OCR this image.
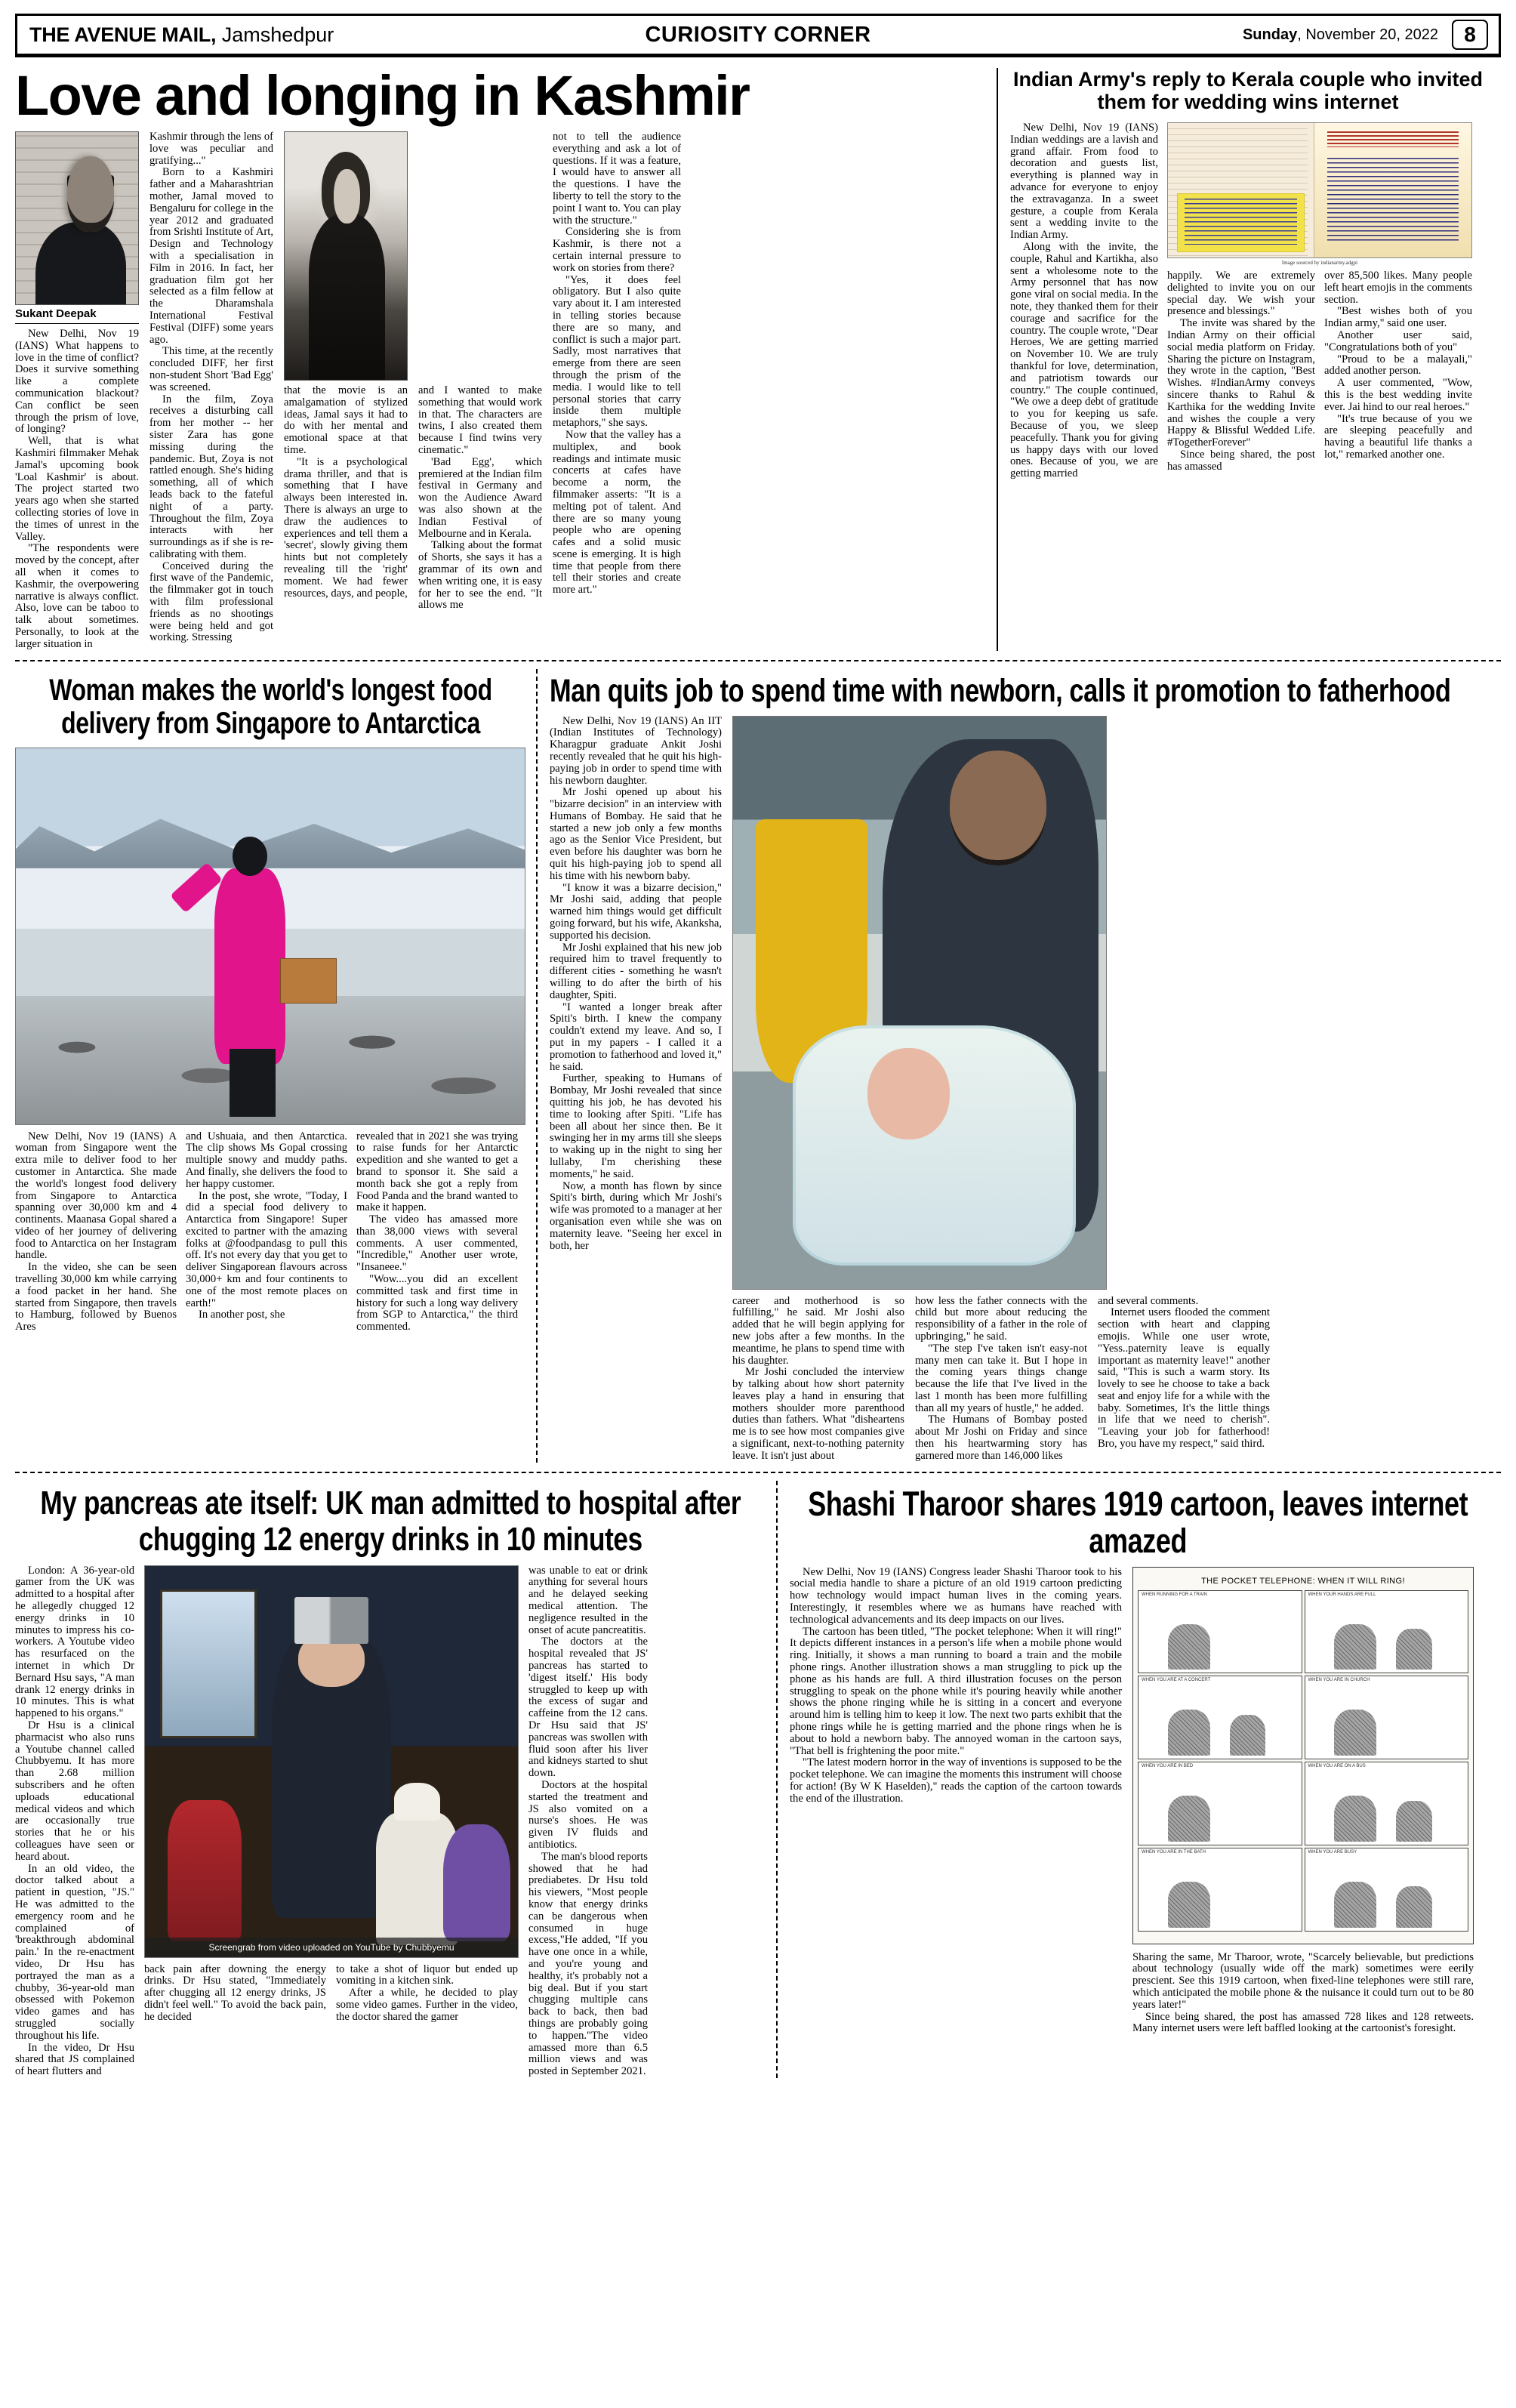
THE AVENUE MAIL, Jamshedpur	CURIOSITY CORNER	Sunday, November 20, 2022	8
Love and longing in Kashmir
Sukant Deepak

New Delhi, Nov 19 (IANS) What happens to love in the time of conflict? Does it survive something like a complete communication blackout? Can conflict be seen through the prism of love, of longing?

Well, that is what Kashmiri filmmaker Mehak Jamal's upcoming book 'Loal Kashmir' is about. The project started two years ago when she started collecting stories of love in the times of unrest in the Valley.

"The respondents were moved by the concept, after all when it comes to Kashmir, the overpowering narrative is always conflict. Also, love can be taboo to talk about sometimes. Personally, to look at the larger situation in

Kashmir through the lens of love was peculiar and gratifying..."

Born to a Kashmiri father and a Maharashtrian mother, Jamal moved to Bengaluru for college in the year 2012 and graduated from Srishti Institute of Art, Design and Technology with a specialisation in Film in 2016. In fact, her graduation film got her selected as a film fellow at the Dharamshala International Festival Festival (DIFF) some years ago.

This time, at the recently concluded DIFF, her first non-student Short 'Bad Egg' was screened.

In the film, Zoya receives a disturbing call from her mother -- her sister Zara has gone missing during the pandemic. But, Zoya is not rattled enough. She's hiding something, all of which leads back to the fateful night of a party. Throughout the film, Zoya interacts with her surroundings as if she is re-calibrating with them.

Conceived during the first wave of the Pandemic, the filmmaker got in touch with film professional friends as no shootings were being held and got working. Stressing

that the movie is an amalgamation of stylized ideas, Jamal says it had to do with her mental and emotional space at that time.

"It is a psychological drama thriller, and that is something that I have always been interested in. There is always an urge to draw the audiences to experiences and tell them a 'secret', slowly giving them hints but not completely revealing till the 'right' moment. We had fewer resources, days, and people,

and I wanted to make something that would work in that. The characters are twins, I also created them because I find twins very cinematic."

'Bad Egg', which premiered at the Indian film festival in Germany and won the Audience Award was also shown at the Indian Festival of Melbourne and in Kerala.

Talking about the format of Shorts, she says it has a grammar of its own and when writing one, it is easy for her to see the end. "It allows me

not to tell the audience everything and ask a lot of questions. If it was a feature, I would have to answer all the questions. I have the liberty to tell the story to the point I want to. You can play with the structure."

Considering she is from Kashmir, is there not a certain internal pressure to work on stories from there?

"Yes, it does feel obligatory. But I also quite vary about it. I am interested in telling stories because there are so many, and conflict is such a major part. Sadly, most narratives that emerge from there are seen through the prism of the media. I would like to tell personal stories that carry inside them multiple metaphors," she says.

Now that the valley has a multiplex, and book readings and intimate music concerts at cafes have become a norm, the filmmaker asserts: "It is a melting pot of talent. And there are so many young people who are opening cafes and a solid music scene is emerging. It is high time that people from there tell their stories and create more art."

Indian Army's reply to Kerala couple who invited them for wedding wins internet

New Delhi, Nov 19 (IANS) Indian weddings are a lavish and grand affair. From food to decoration and guests list, everything is planned way in advance for everyone to enjoy the extravaganza. In a sweet gesture, a couple from Kerala sent a wedding invite to the Indian Army.

Along with the invite, the couple, Rahul and Kartikha, also sent a wholesome note to the Army personnel that has now gone viral on social media. In the note, they thanked them for their courage and sacrifice for the country. The couple wrote, "Dear Heroes, We are getting married on November 10. We are truly thankful for love, determination, and patriotism towards our country." The couple continued, "We owe a deep debt of gratitude to you for keeping us safe. Because of you, we sleep peacefully. Thank you for giving us happy days with our loved ones. Because of you, we are getting married

Image sourced by indianarmy.adgpi

happily. We are extremely delighted to invite you on our special day. We wish your presence and blessings."

The invite was shared by the Indian Army on their official social media platform on Friday. Sharing the picture on Instagram, they wrote in the caption, "Best Wishes. #IndianArmy conveys sincere thanks to Rahul & Karthika for the wedding Invite and wishes the couple a very Happy & Blissful Wedded Life. #TogetherForever"

Since being shared, the post has amassed

over 85,500 likes. Many people left heart emojis in the comments section.

"Best wishes both of you Indian army," said one user.

Another user said, "Congratulations both of you"

"Proud to be a malayali," added another person.

A user commented, "Wow, this is the best wedding invite ever. Jai hind to our real heroes."

"It's true because of you we are sleeping peacefully and having a beautiful life thanks a lot," remarked another one.

Woman makes the world's longest food delivery from Singapore to Antarctica

New Delhi, Nov 19 (IANS) A woman from Singapore went the extra mile to deliver food to her customer in Antarctica. She made the world's longest food delivery from Singapore to Antarctica spanning over 30,000 km and 4 continents. Maanasa Gopal shared a video of her journey of delivering food to Antarctica on her Instagram handle.

In the video, she can be seen travelling 30,000 km while carrying a food packet in her hand. She started from Singapore, then travels to Hamburg, followed by Buenos Ares

and Ushuaia, and then Antarctica. The clip shows Ms Gopal crossing multiple snowy and muddy paths. And finally, she delivers the food to her happy customer.

In the post, she wrote, "Today, I did a special food delivery to Antarctica from Singapore! Super excited to partner with the amazing folks at @foodpandasg to pull this off. It's not every day that you get to deliver Singaporean flavours across 30,000+ km and four continents to one of the most remote places on earth!"

In another post, she

revealed that in 2021 she was trying to raise funds for her Antarctic expedition and she wanted to get a brand to sponsor it. She said a month back she got a reply from Food Panda and the brand wanted to make it happen.

The video has amassed more than 38,000 views with several comments. A user commented, "Incredible," Another user wrote, "Insaneee."

"Wow....you did an excellent committed task and first time in history for such a long way delivery from SGP to Antarctica," the third commented.

Man quits job to spend time with newborn, calls it promotion to fatherhood

New Delhi, Nov 19 (IANS) An IIT (Indian Institutes of Technology) Kharagpur graduate Ankit Joshi recently revealed that he quit his high-paying job in order to spend time with his newborn daughter.

Mr Joshi opened up about his "bizarre decision" in an interview with Humans of Bombay. He said that he started a new job only a few months ago as the Senior Vice President, but even before his daughter was born he quit his high-paying job to spend all his time with his newborn baby.

"I know it was a bizarre decision," Mr Joshi said, adding that people warned him things would get difficult going forward, but his wife, Akanksha, supported his decision.

Mr Joshi explained that his new job required him to travel frequently to different cities - something he wasn't willing to do after the birth of his daughter, Spiti.

"I wanted a longer break after Spiti's birth. I knew the company couldn't extend my leave. And so, I put in my papers - I called it a promotion to fatherhood and loved it," he said.

Further, speaking to Humans of Bombay, Mr Joshi revealed that since quitting his job, he has devoted his time to looking after Spiti. "Life has been all about her since then. Be it swinging her in my arms till she sleeps to waking up in the night to sing her lullaby, I'm cherishing these moments," he said.

Now, a month has flown by since Spiti's birth, during which Mr Joshi's wife was promoted to a manager at her organisation even while she was on maternity leave. "Seeing her excel in both, her

career and motherhood is so fulfilling," he said. Mr Joshi also added that he will begin applying for new jobs after a few months. In the meantime, he plans to spend time with his daughter.

Mr Joshi concluded the interview by talking about how short paternity leaves play a hand in ensuring that mothers shoulder more parenthood duties than fathers. What "disheartens me is to see how most companies give a significant, next-to-nothing paternity leave. It isn't just about

how less the father connects with the child but more about reducing the responsibility of a father in the role of upbringing," he said.

"The step I've taken isn't easy-not many men can take it. But I hope in the coming years things change because the life that I've lived in the last 1 month has been more fulfilling than all my years of hustle," he added.

The Humans of Bombay posted about Mr Joshi on Friday and since then his heartwarming story has garnered more than 146,000 likes

and several comments.

Internet users flooded the comment section with heart and clapping emojis. While one user wrote, "Yess..paternity leave is equally important as maternity leave!" another said, "This is such a warm story. Its lovely to see he choose to take a back seat and enjoy life for a while with the baby. Sometimes, It's the little things in life that we need to cherish". "Leaving your job for fatherhood! Bro, you have my respect," said third.

My pancreas ate itself: UK man admitted to hospital after chugging 12 energy drinks in 10 minutes

London: A 36-year-old gamer from the UK was admitted to a hospital after he allegedly chugged 12 energy drinks in 10 minutes to impress his co-workers. A Youtube video has resurfaced on the internet in which Dr Bernard Hsu says, "A man drank 12 energy drinks in 10 minutes. This is what happened to his organs."

Dr Hsu is a clinical pharmacist who also runs a Youtube channel called Chubbyemu. It has more than 2.68 million subscribers and he often uploads educational medical videos and which are occasionally true stories that he or his colleagues have seen or heard about.

In an old video, the doctor talked about a patient in question, "JS." He was admitted to the emergency room and he complained of 'breakthrough abdominal pain.' In the re-enactment video, Dr Hsu has portrayed the man as a chubby, 36-year-old man obsessed with Pokemon video games and has struggled socially throughout his life.

In the video, Dr Hsu shared that JS complained of heart flutters and

Screengrab from video uploaded on YouTube by Chubbyemu

back pain after downing the energy drinks. Dr Hsu stated, "Immediately after chugging all 12 energy drinks, JS didn't feel well." To avoid the back pain, he decided

to take a shot of liquor but ended up vomiting in a kitchen sink.

After a while, he decided to play some video games. Further in the video, the doctor shared the gamer

was unable to eat or drink anything for several hours and he delayed seeking medical attention. The negligence resulted in the onset of acute pancreatitis.

The doctors at the hospital revealed that JS' pancreas has started to 'digest itself.' His body struggled to keep up with the excess of sugar and caffeine from the 12 cans. Dr Hsu said that JS' pancreas was swollen with fluid soon after his liver and kidneys started to shut down.

Doctors at the hospital started the treatment and JS also vomited on a nurse's shoes. He was given IV fluids and antibiotics.

The man's blood reports showed that he had prediabetes. Dr Hsu told his viewers, "Most people know that energy drinks can be dangerous when consumed in huge excess,"He added, "If you have one once in a while, and you're young and healthy, it's probably not a big deal. But if you start chugging multiple cans back to back, then bad things are probably going to happen."The video amassed more than 6.5 million views and was posted in September 2021.

Shashi Tharoor shares 1919 cartoon, leaves internet amazed

New Delhi, Nov 19 (IANS) Congress leader Shashi Tharoor took to his social media handle to share a picture of an old 1919 cartoon predicting how technology would impact human lives in the coming years. Interestingly, it resembles where we as humans have reached with technological advancements and its deep impacts on our lives.

The cartoon has been titled, "The pocket telephone: When it will ring!" It depicts different instances in a person's life when a mobile phone would ring. Initially, it shows a man running to board a train and the mobile phone rings. Another illustration shows a man struggling to pick up the phone as his hands are full. A third illustration focuses on the person struggling to speak on the phone while it's pouring heavily while another shows the phone ringing while he is sitting in a concert and everyone around him is telling him to keep it low. The next two parts exhibit that the phone rings while he is getting married and the phone rings when he is about to hold a newborn baby. The annoyed woman in the cartoon says, "That bell is frightening the poor mite."

"The latest modern horror in the way of inventions is supposed to be the pocket telephone. We can imagine the moments this instrument will choose for action! (By W K Haselden)," reads the caption of the cartoon towards the end of the illustration.

THE POCKET TELEPHONE: WHEN IT WILL RING!
WHEN RUNNING FOR A TRAIN	WHEN YOUR HANDS ARE FULL
WHEN YOU ARE AT A CONCERT	WHEN YOU ARE IN CHURCH
WHEN YOU ARE IN BED	WHEN YOU ARE ON A BUS
WHEN YOU ARE IN THE BATH	WHEN YOU ARE BUSY

Sharing the same, Mr Tharoor, wrote, "Scarcely believable, but predictions about technology (usually wide off the mark) sometimes were eerily prescient. See this 1919 cartoon, when fixed-line telephones were still rare, which anticipated the mobile phone & the nuisance it could turn out to be 80 years later!"

Since being shared, the post has amassed 728 likes and 128 retweets. Many internet users were left baffled looking at the cartoonist's foresight.
